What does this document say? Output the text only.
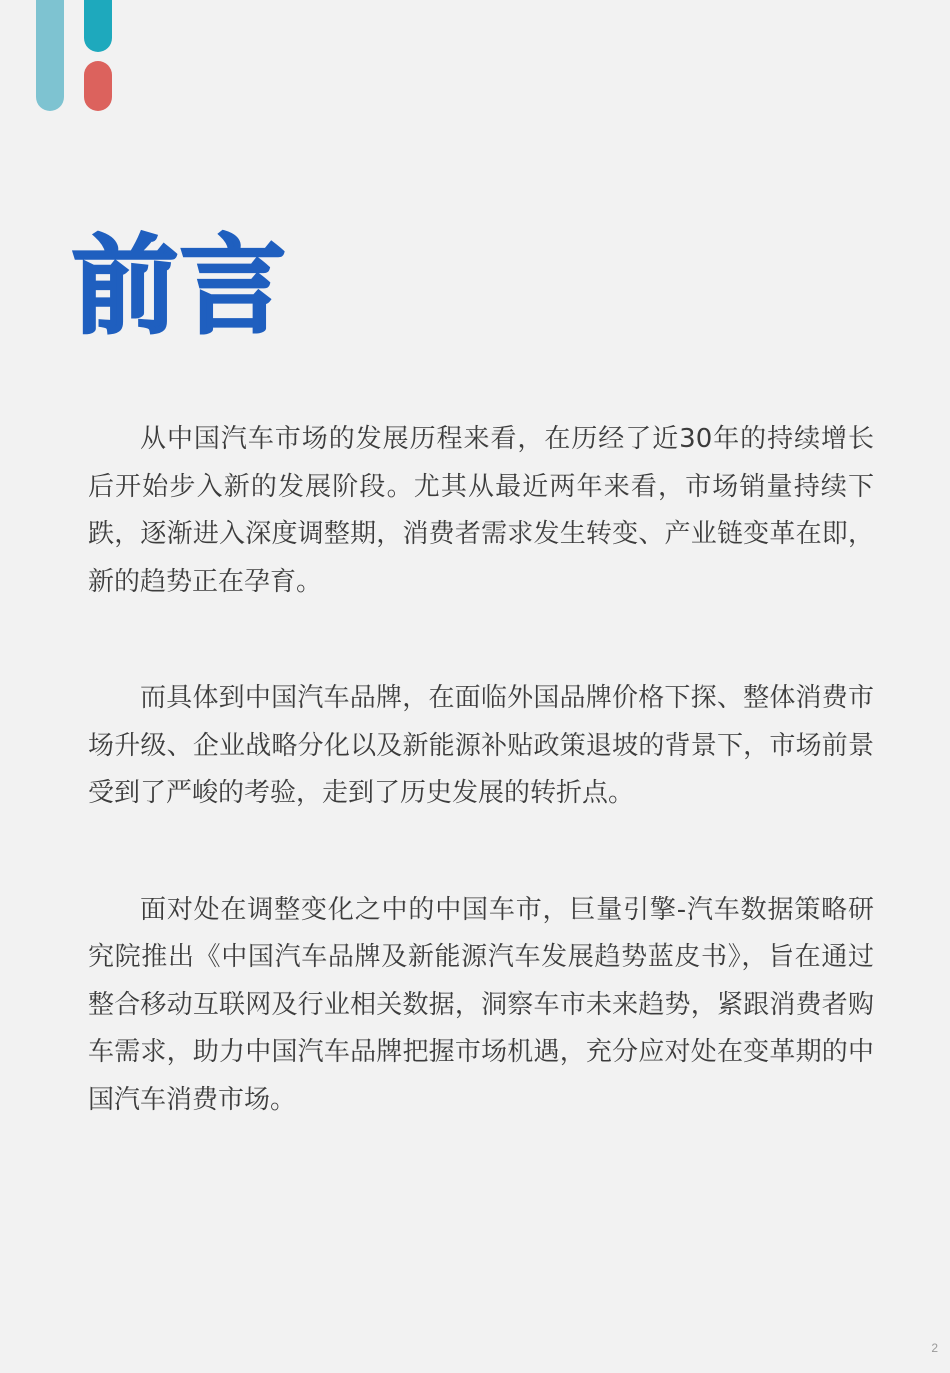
前言

从中国汽车市场的发展历程来看，在历经了近30年的持续增长后开始步入新的发展阶段。尤其从最近两年来看，市场销量持续下跌，逐渐进入深度调整期，消费者需求发生转变、产业链变革在即，新的趋势正在孕育。

而具体到中国汽车品牌，在面临外国品牌价格下探、整体消费市场升级、企业战略分化以及新能源补贴政策退坡的背景下，市场前景受到了严峻的考验，走到了历史发展的转折点。

面对处在调整变化之中的中国车市，巨量引擎-汽车数据策略研究院推出《中国汽车品牌及新能源汽车发展趋势蓝皮书》，旨在通过整合移动互联网及行业相关数据，洞察车市未来趋势，紧跟消费者购车需求，助力中国汽车品牌把握市场机遇，充分应对处在变革期的中国汽车消费市场。

2
